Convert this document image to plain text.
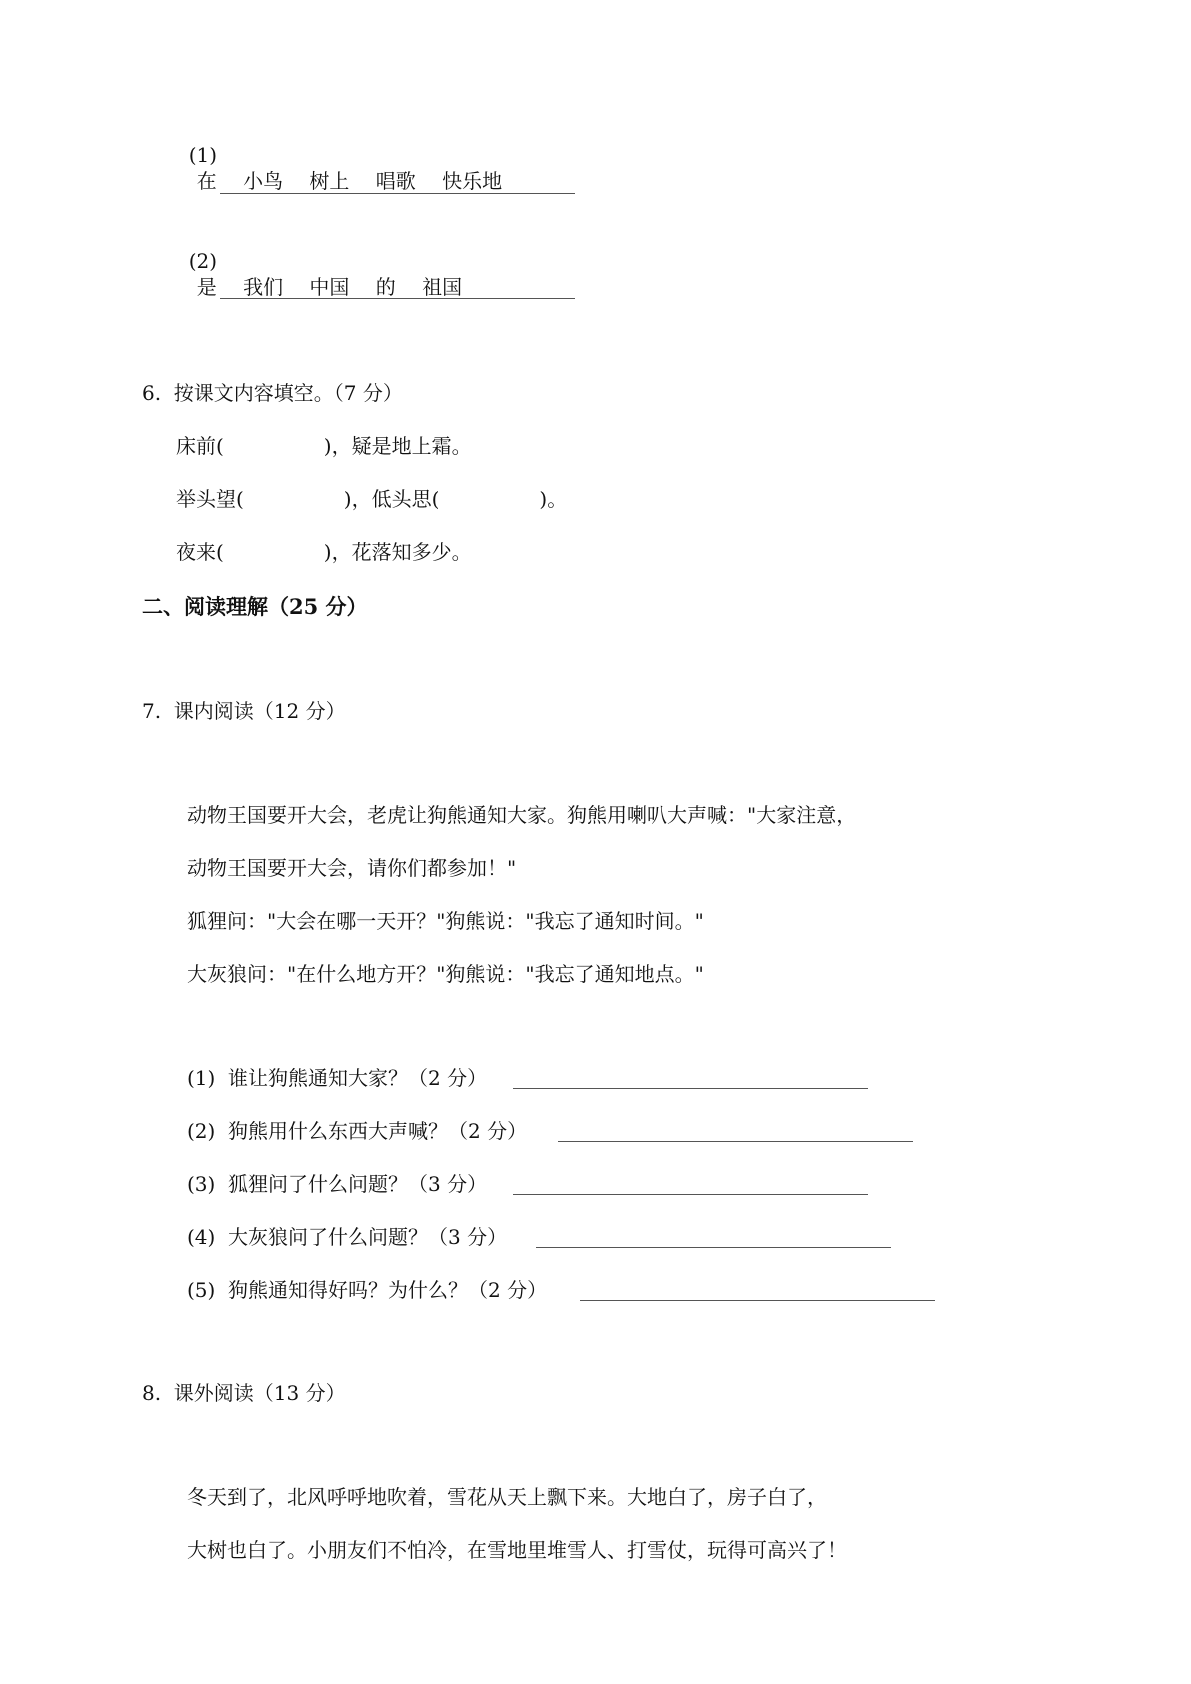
(1)
在　 小鸟　 树上　 唱歌　 快乐地

(2)
是　 我们　 中国　 的　 祖国

6.  按课文内容填空。（7 分）
床前(　　　　　)，疑是地上霜。
举头望(　　　　　)，低头思(　　　　　)。
夜来(　　　　　)，花落知多少。
二、阅读理解（25 分）
7.  课内阅读（12 分）
动物王国要开大会，老虎让狗熊通知大家。狗熊用喇叭大声喊："大家注意，
动物王国要开大会，请你们都参加！"
狐狸问："大会在哪一天开？"狗熊说："我忘了通知时间。"
大灰狼问："在什么地方开？"狗熊说："我忘了通知地点。"
(1)  谁让狗熊通知大家？（2 分）
(2)  狗熊用什么东西大声喊？（2 分）
(3)  狐狸问了什么问题？（3 分）
(4)  大灰狼问了什么问题？（3 分）
(5)  狗熊通知得好吗？为什么？（2 分）
8.  课外阅读（13 分）
冬天到了，北风呼呼地吹着，雪花从天上飘下来。大地白了，房子白了，
大树也白了。小朋友们不怕冷，在雪地里堆雪人、打雪仗，玩得可高兴了！
